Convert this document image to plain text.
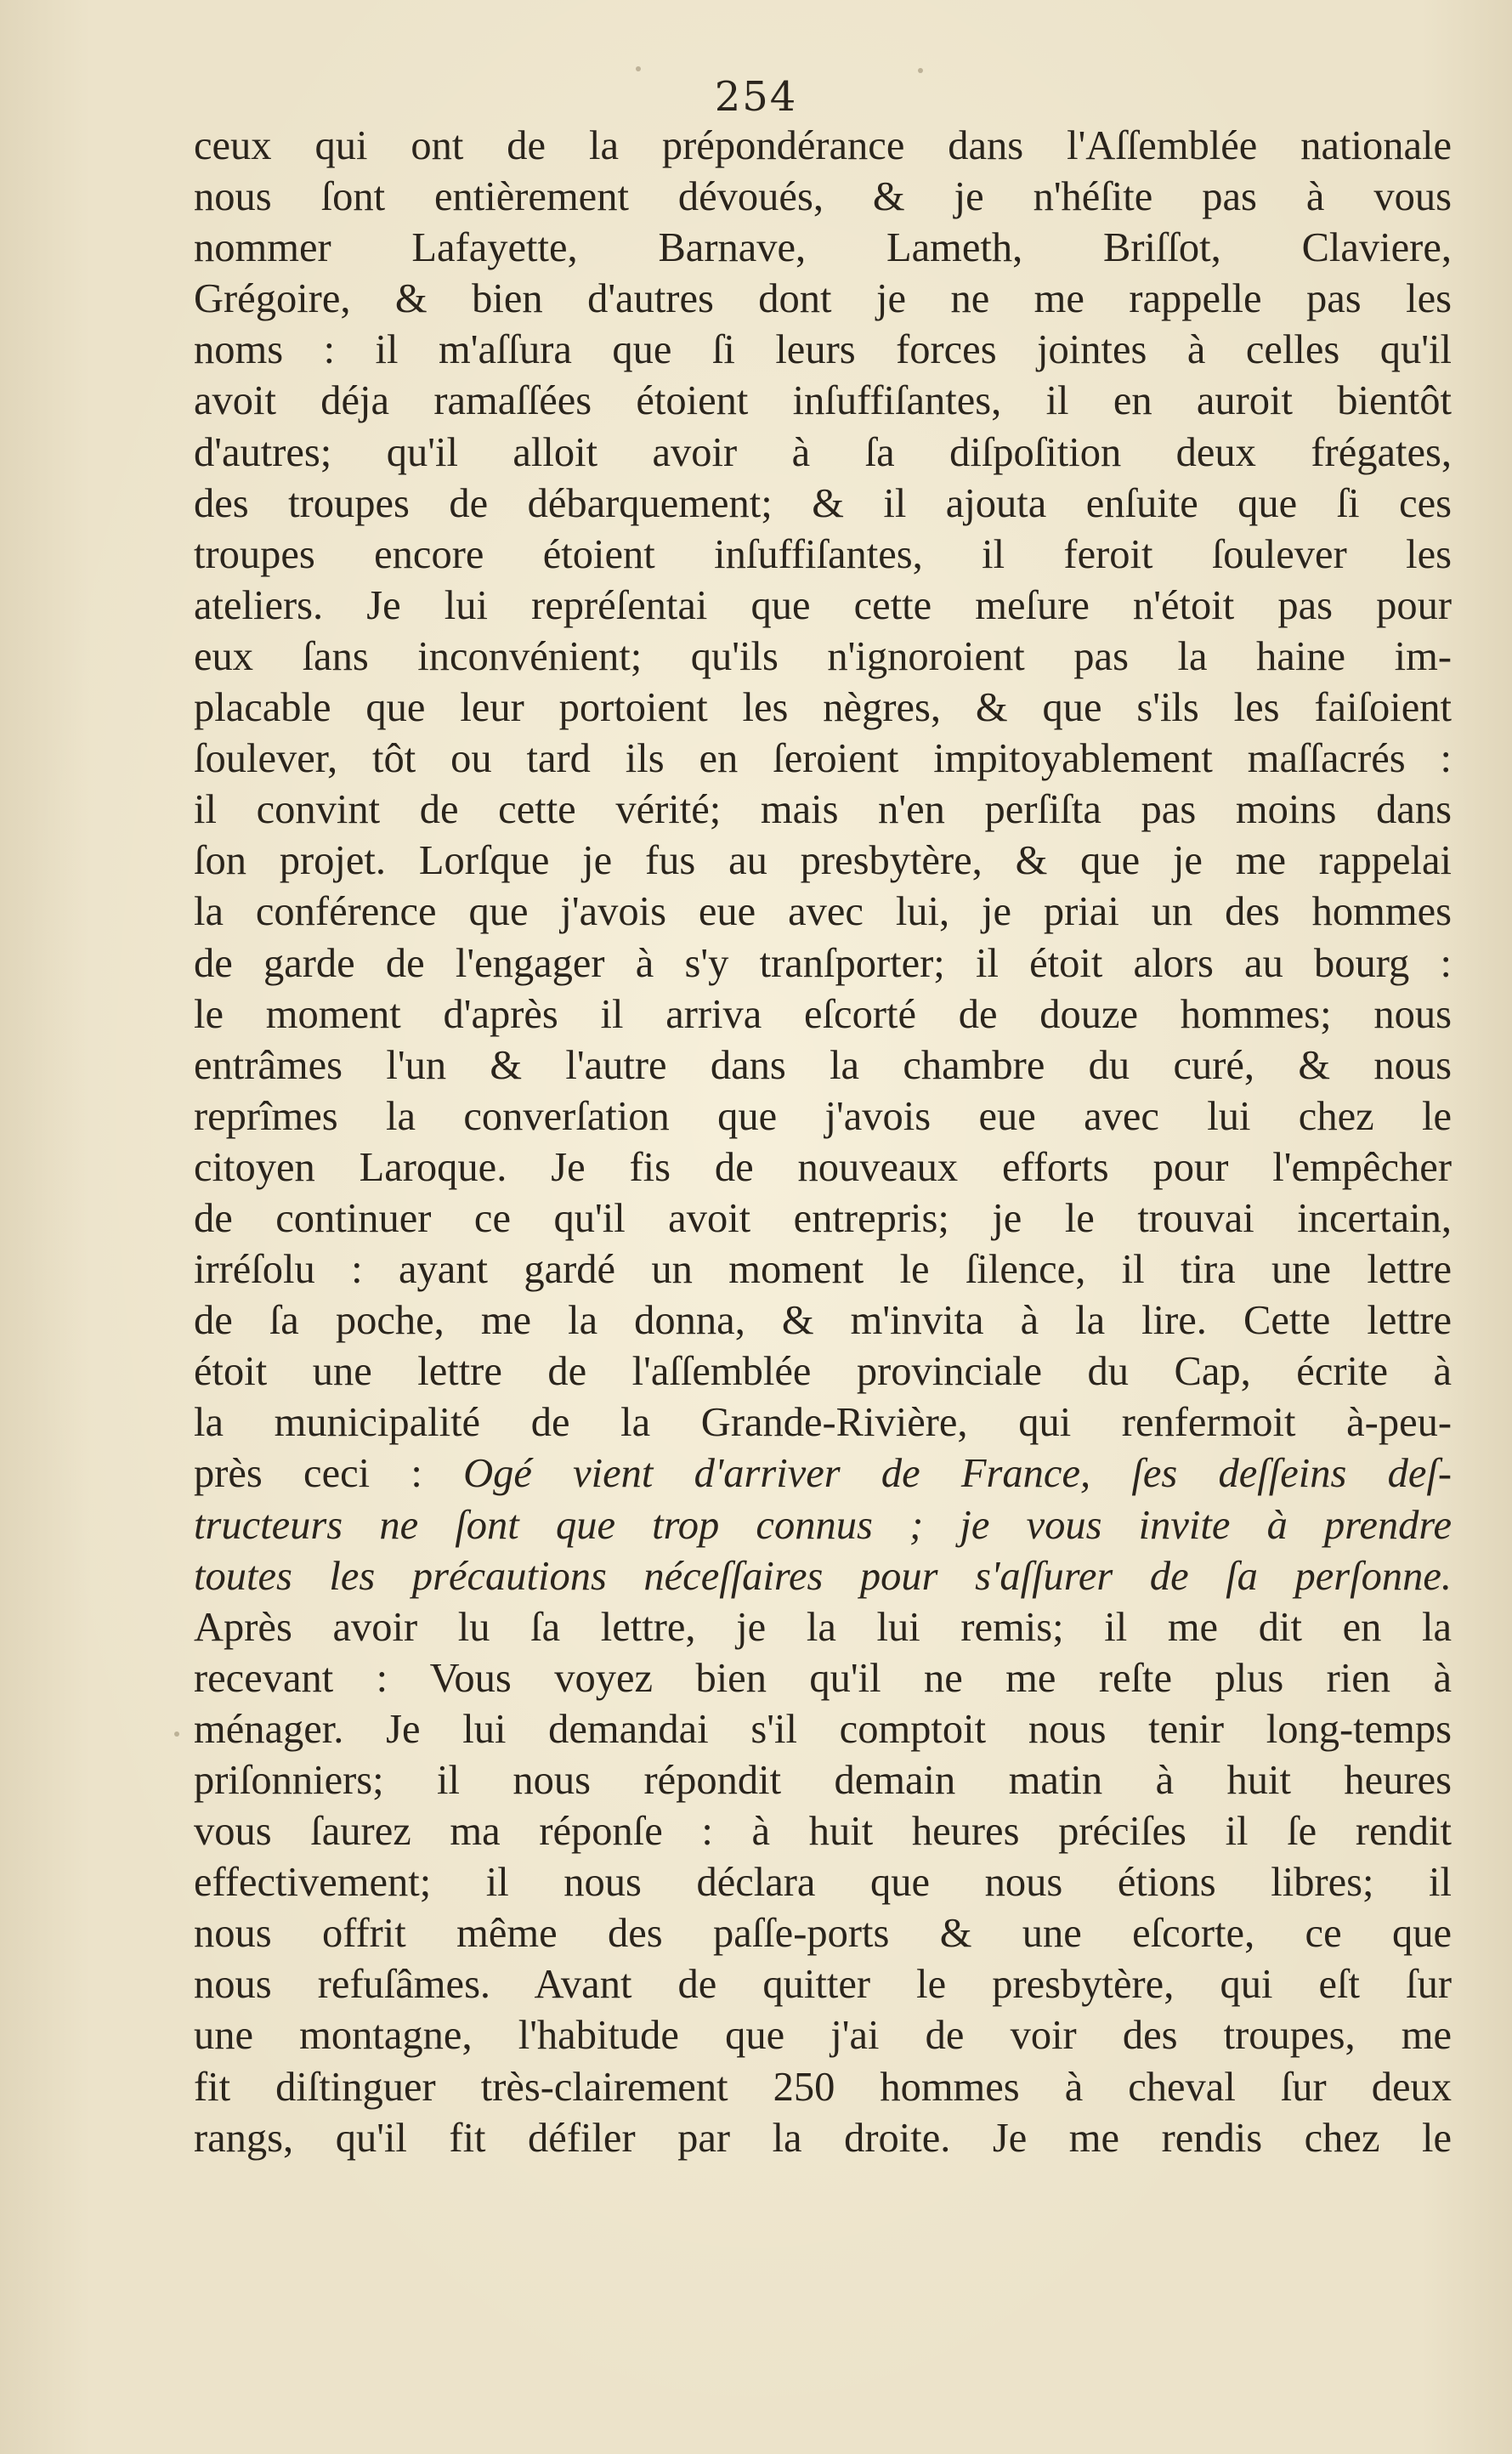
254
ceux qui ont de la prépondérance dans l'Aſſemblée nationale
nous ſont entièrement dévoués, & je n'héſite pas à vous
nommer Lafayette, Barnave, Lameth, Briſſot, Claviere,
Grégoire, & bien d'autres dont je ne me rappelle pas les
noms : il m'aſſura que ſi leurs forces jointes à celles qu'il
avoit déja ramaſſées étoient inſuffiſantes, il en auroit bientôt
d'autres; qu'il alloit avoir à ſa diſpoſition deux frégates,
des troupes de débarquement; & il ajouta enſuite que ſi ces
troupes encore étoient inſuffiſantes, il feroit ſoulever les
ateliers. Je lui repréſentai que cette meſure n'étoit pas pour
eux ſans inconvénient; qu'ils n'ignoroient pas la haine im-
placable que leur portoient les nègres, & que s'ils les faiſoient
ſoulever, tôt ou tard ils en ſeroient impitoyablement maſſacrés :
il convint de cette vérité; mais n'en perſiſta pas moins dans
ſon projet. Lorſque je fus au presbytère, & que je me rappelai
la conférence que j'avois eue avec lui, je priai un des hommes
de garde de l'engager à s'y tranſporter; il étoit alors au bourg :
le moment d'après il arriva eſcorté de douze hommes; nous
entrâmes l'un & l'autre dans la chambre du curé, & nous
reprîmes la converſation que j'avois eue avec lui chez le
citoyen Laroque. Je fis de nouveaux efforts pour l'empêcher
de continuer ce qu'il avoit entrepris; je le trouvai incertain,
irréſolu : ayant gardé un moment le ſilence, il tira une lettre
de ſa poche, me la donna, & m'invita à la lire. Cette lettre
étoit une lettre de l'aſſemblée provinciale du Cap, écrite à
la municipalité de la Grande-Rivière, qui renfermoit à-peu-
près ceci : Ogé vient d'arriver de France, ſes deſſeins deſ-
tructeurs ne ſont que trop connus ; je vous invite à prendre
toutes les précautions néceſſaires pour s'aſſurer de ſa perſonne.
Après avoir lu ſa lettre, je la lui remis; il me dit en la
recevant : Vous voyez bien qu'il ne me reſte plus rien à
ménager. Je lui demandai s'il comptoit nous tenir long-temps
priſonniers; il nous répondit demain matin à huit heures
vous ſaurez ma réponſe : à huit heures préciſes il ſe rendit
effectivement; il nous déclara que nous étions libres; il
nous offrit même des paſſe-ports & une eſcorte, ce que
nous refuſâmes. Avant de quitter le presbytère, qui eſt ſur
une montagne, l'habitude que j'ai de voir des troupes, me
fit diſtinguer très-clairement 250 hommes à cheval ſur deux
rangs, qu'il fit défiler par la droite. Je me rendis chez le
